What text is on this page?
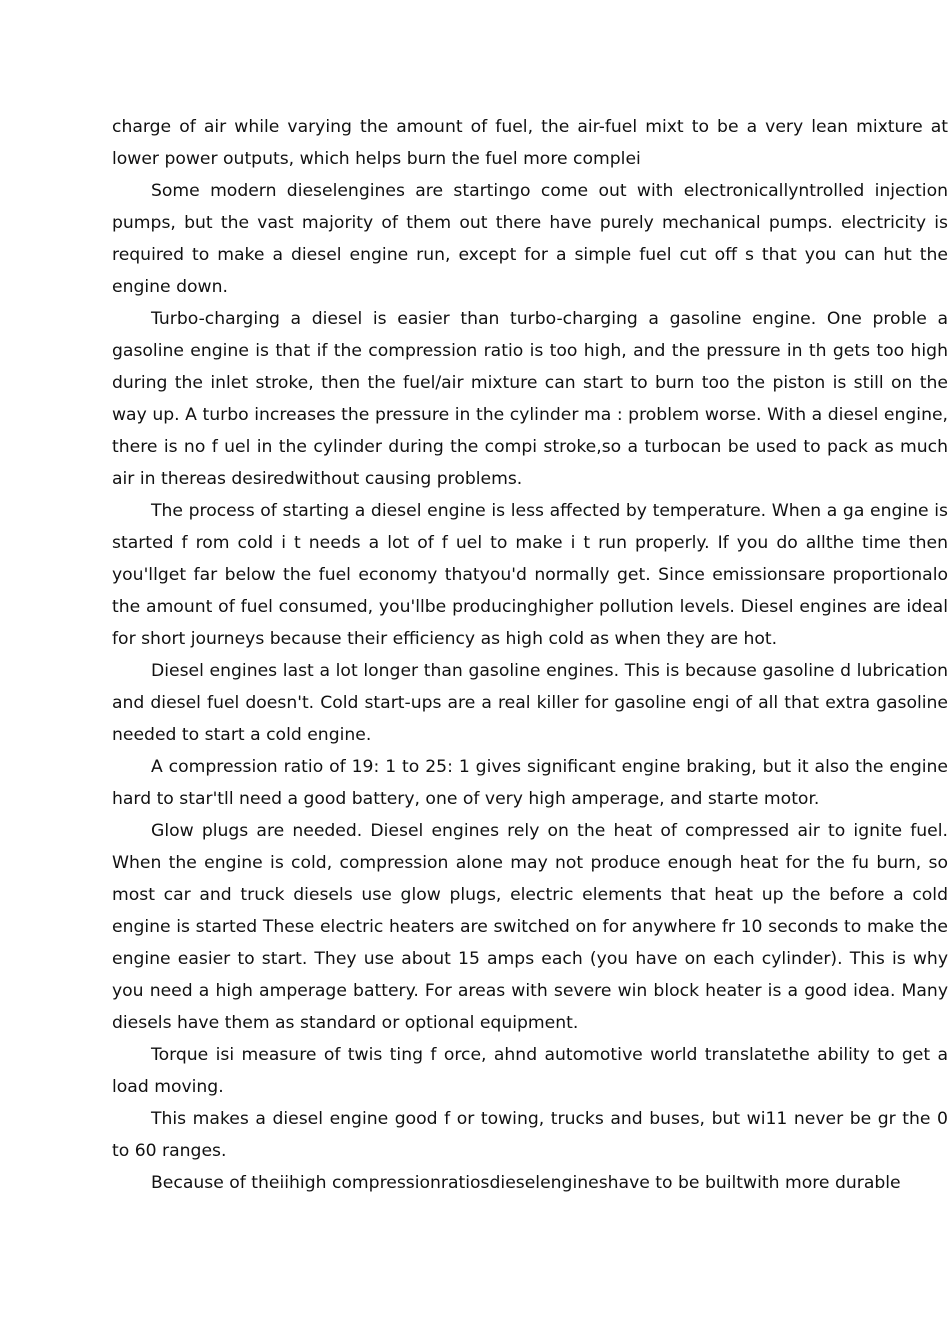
charge of air while varying the amount of fuel, the air-fuel mixt to be a very lean mixture at lower power outputs, which helps burn the fuel more complei

Some modern dieselengines are startingo come out with electronicallyntrolled injection pumps, but the vast majority of them out there have purely mechanical pumps. electricity is required to make a diesel engine run, except for a simple fuel cut off s that you can hut the engine down.

Turbo-charging a diesel is easier than turbo-charging a gasoline engine. One proble a gasoline engine is that if the compression ratio is too high, and the pressure in th gets too high during the inlet stroke, then the fuel/air mixture can start to burn too the piston is still on the way up. A turbo increases the pressure in the cylinder ma : problem worse. With a diesel engine, there is no f uel in the cylinder during the compi stroke,so a turbocan be used to pack as much air in thereas desiredwithout causing problems.

The process of starting a diesel engine is less affected by temperature. When a ga engine is started f rom cold i t needs a lot of f uel to make i t run properly. If you do allthe time then you'llget far below the fuel economy thatyou'd normally get. Since emissionsare proportionalo the amount of fuel consumed, you'llbe producinghigher pollution levels. Diesel engines are ideal for short journeys because their efficiency as high cold as when they are hot.

Diesel engines last a lot longer than gasoline engines. This is because gasoline d lubrication and diesel fuel doesn't. Cold start-ups are a real killer for gasoline engi of all that extra gasoline needed to start a cold engine.

A compression ratio of 19: 1 to 25: 1 gives significant engine braking, but it also the engine hard to star'tll need a good battery, one of very high amperage, and starte motor.

Glow plugs are needed. Diesel engines rely on the heat of compressed air to ignite fuel. When the engine is cold, compression alone may not produce enough heat for the fu burn, so most car and truck diesels use glow plugs, electric elements that heat up the before a cold engine is started These electric heaters are switched on for anywhere fr 10 seconds to make the engine easier to start. They use about 15 amps each (you have on each cylinder). This is why you need a high amperage battery. For areas with severe win block heater is a good idea. Many diesels have them as standard or optional equipment.

Torque isi measure of twis ting f orce, ahnd automotive world translatethe ability to get a load moving.

This makes a diesel engine good f or towing, trucks and buses, but wi11 never be gr the 0 to 60 ranges.

Because of theiihigh compressionratiosdieselengineshave to be builtwith more durable
